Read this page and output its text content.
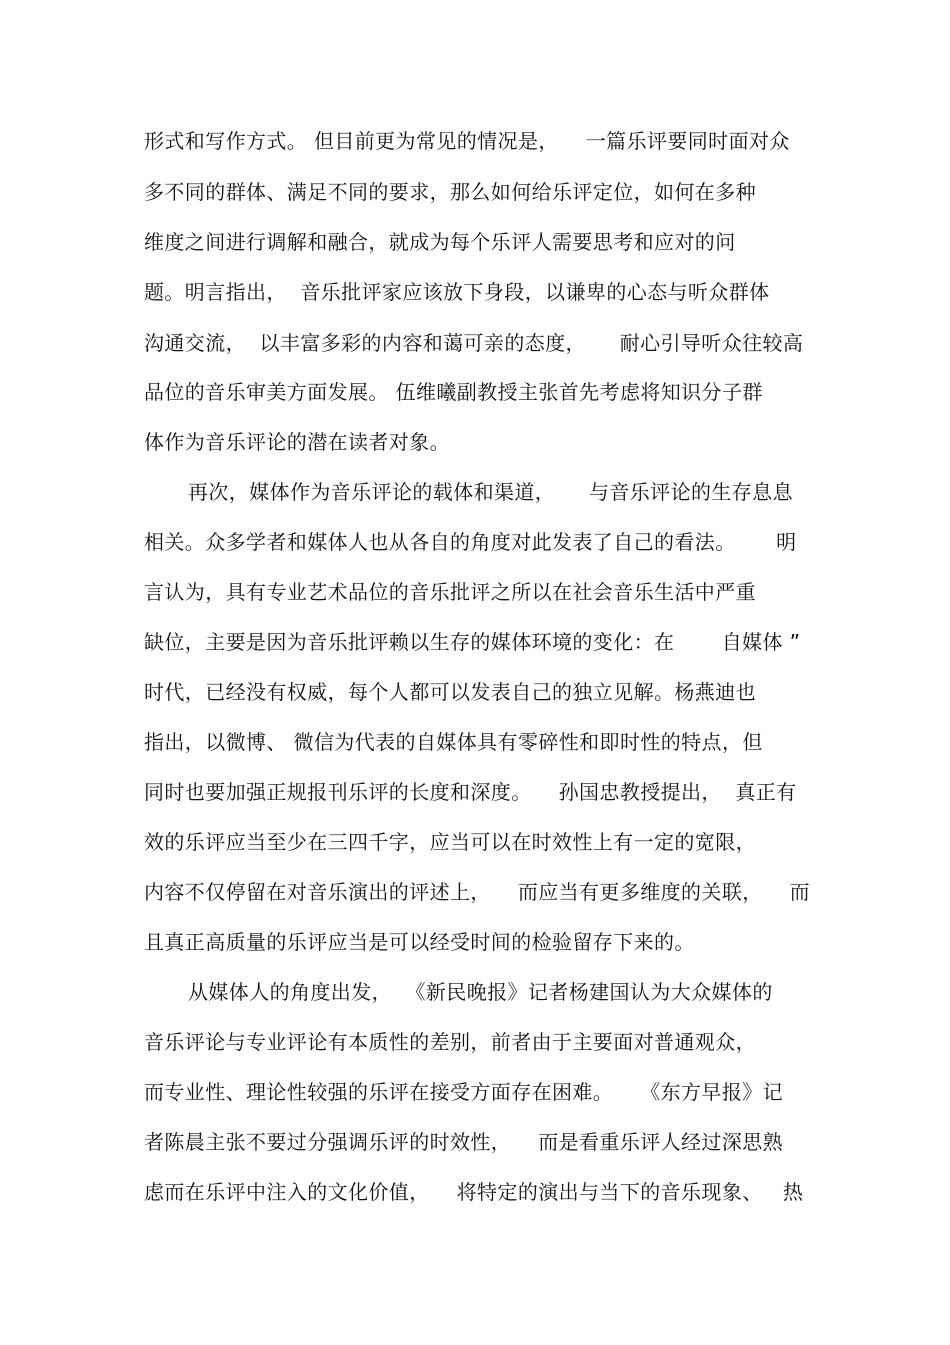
形式和写作方式。 但目前更为常见的情况是，    一篇乐评要同时面对众
多不同的群体、满足不同的要求，那么如何给乐评定位，如何在多种
维度之间进行调解和融合，就成为每个乐评人需要思考和应对的问
题。明言指出，  音乐批评家应该放下身段，以谦卑的心态与听众群体
沟通交流，  以丰富多彩的内容和蔼可亲的态度，     耐心引导听众往较高
品位的音乐审美方面发展。 伍维曦副教授主张首先考虑将知识分子群
体作为音乐评论的潜在读者对象。
再次，媒体作为音乐评论的载体和渠道，     与音乐评论的生存息息
相关。众多学者和媒体人也从各自的角度对此发表了自己的看法。      明
言认为，具有专业艺术品位的音乐批评之所以在社会音乐生活中严重
缺位，主要是因为音乐批评赖以生存的媒体环境的变化：在       自媒体 ”
时代，已经没有权威，每个人都可以发表自己的独立见解。杨燕迪也
指出，以微博、 微信为代表的自媒体具有零碎性和即时性的特点，但
同时也要加强正规报刊乐评的长度和深度。    孙国忠教授提出，  真正有
效的乐评应当至少在三四千字，应当可以在时效性上有一定的宽限，
内容不仅停留在对音乐演出的评述上，    而应当有更多维度的关联，    而
且真正高质量的乐评应当是可以经受时间的检验留存下来的。
从媒体人的角度出发，  《新民晚报》记者杨建国认为大众媒体的
音乐评论与专业评论有本质性的差别，前者由于主要面对普通观众，
而专业性、理论性较强的乐评在接受方面存在困难。    《东方早报》记
者陈晨主张不要过分强调乐评的时效性，    而是看重乐评人经过深思熟
虑而在乐评中注入的文化价值，    将特定的演出与当下的音乐现象、   热
